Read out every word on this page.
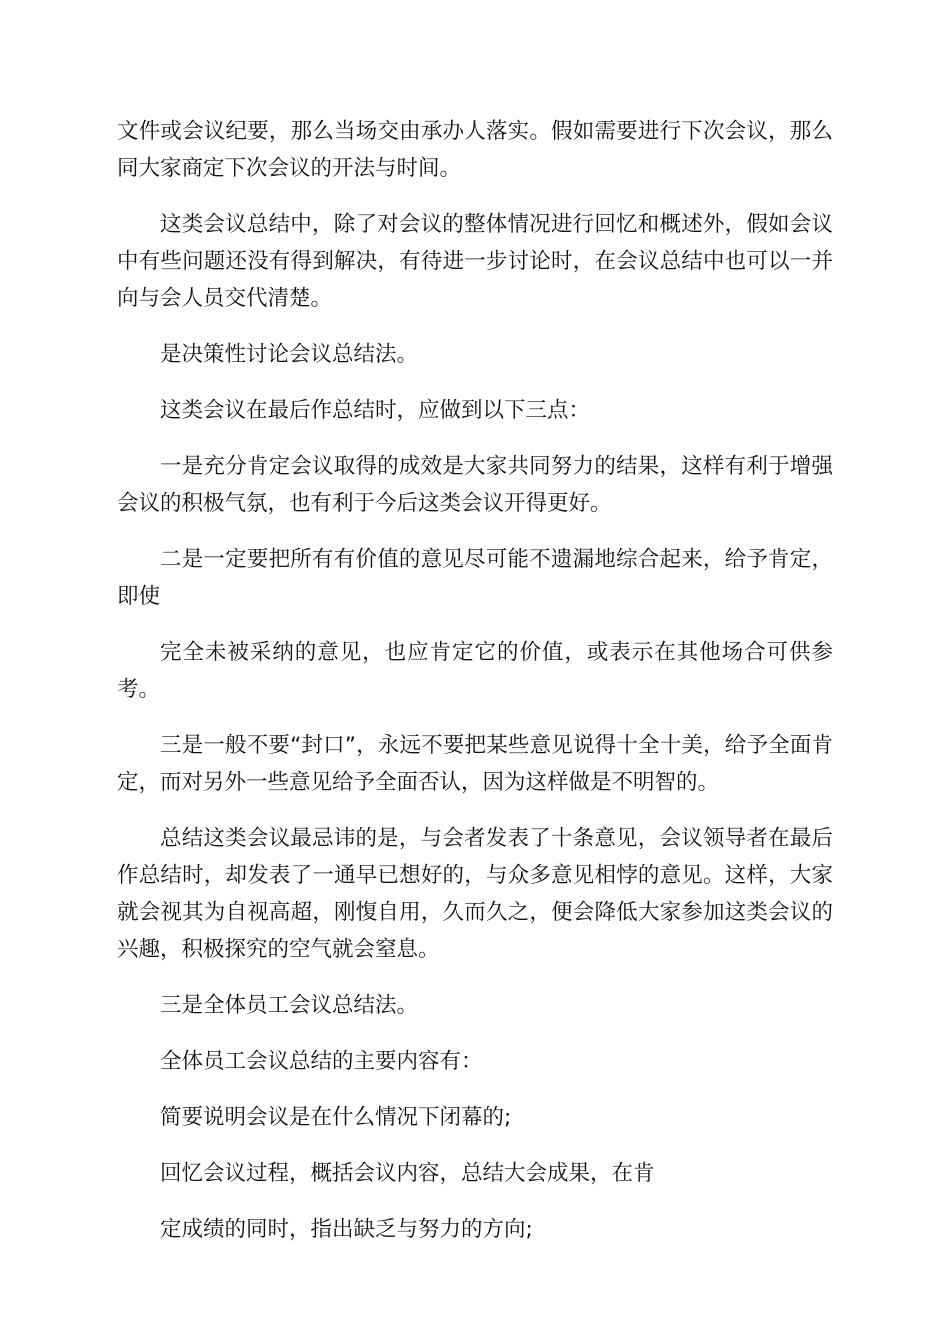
文件或会议纪要，那么当场交由承办人落实。假如需要进行下次会议，那么同大家商定下次会议的开法与时间。

这类会议总结中，除了对会议的整体情况进行回忆和概述外，假如会议中有些问题还没有得到解决，有待进一步讨论时，在会议总结中也可以一并向与会人员交代清楚。

是决策性讨论会议总结法。

这类会议在最后作总结时，应做到以下三点：

一是充分肯定会议取得的成效是大家共同努力的结果，这样有利于增强会议的积极气氛，也有利于今后这类会议开得更好。

二是一定要把所有有价值的意见尽可能不遗漏地综合起来，给予肯定，即使

完全未被采纳的意见，也应肯定它的价值，或表示在其他场合可供参考。

三是一般不要“封口”，永远不要把某些意见说得十全十美，给予全面肯定，而对另外一些意见给予全面否认，因为这样做是不明智的。

总结这类会议最忌讳的是，与会者发表了十条意见，会议领导者在最后作总结时，却发表了一通早已想好的，与众多意见相悖的意见。这样，大家就会视其为自视高超，刚愎自用，久而久之，便会降低大家参加这类会议的兴趣，积极探究的空气就会窒息。

三是全体员工会议总结法。

全体员工会议总结的主要内容有：

简要说明会议是在什么情况下闭幕的;

回忆会议过程，概括会议内容，总结大会成果，在肯

定成绩的同时，指出缺乏与努力的方向;
